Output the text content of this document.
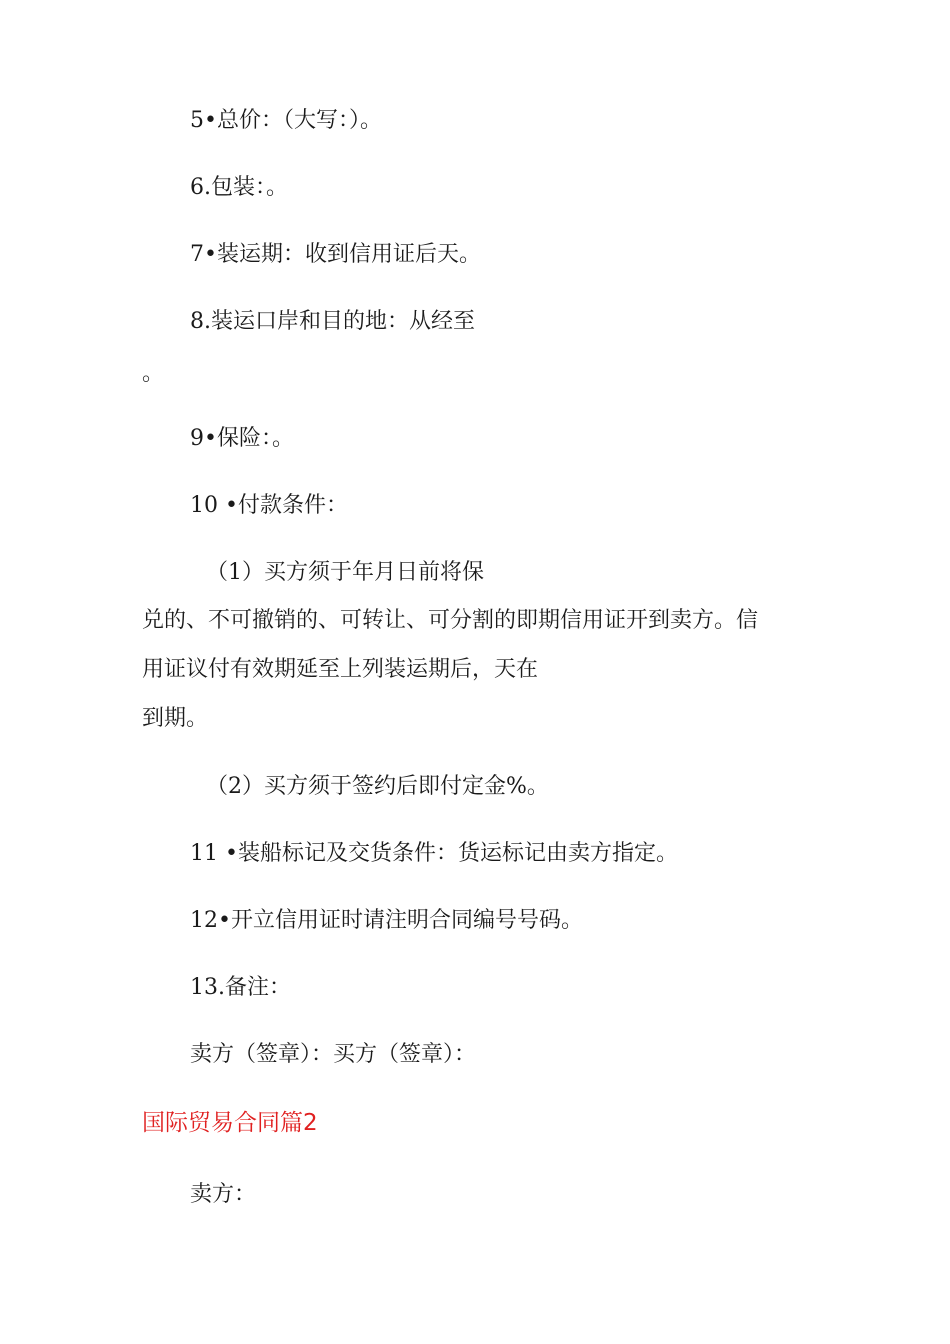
5•总价：（大写：）。
6.包装：。
7•装运期：收到信用证后天。
8.装运口岸和目的地：从经至
。
9•保险：。
10 •付款条件：
（1）买方须于年月日前将保
兑的、不可撤销的、可转让、可分割的即期信用证开到卖方。信
用证议付有效期延至上列装运期后，天在
到期。
（2）买方须于签约后即付定金%。
11 •装船标记及交货条件：货运标记由卖方指定。
12•开立信用证时请注明合同编号号码。
13.备注：
卖方（签章）：买方（签章）：
国际贸易合同篇2
卖方：
